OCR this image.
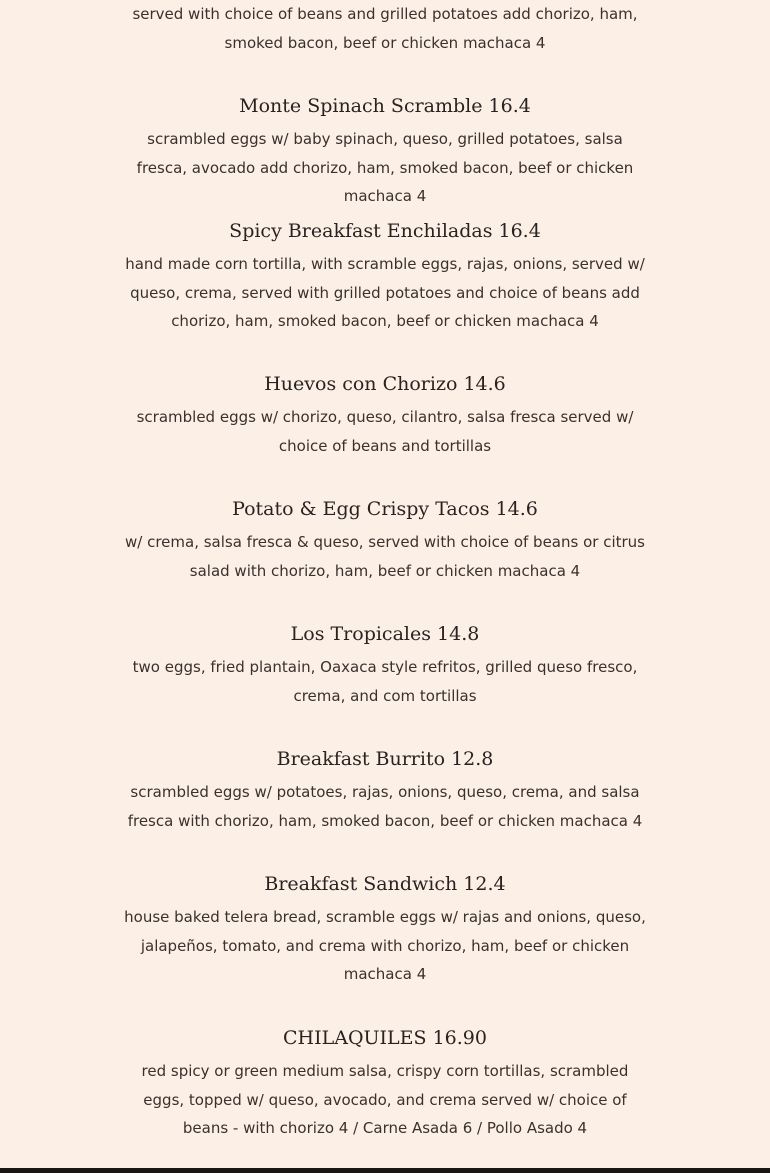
served with choice of beans and grilled potatoes add chorizo, ham, smoked bacon, beef or chicken machaca 4
Monte Spinach Scramble 16.4
scrambled eggs w/ baby spinach, queso, grilled potatoes, salsa fresca, avocado add chorizo, ham, smoked bacon, beef or chicken machaca 4
Spicy Breakfast Enchiladas 16.4
hand made corn tortilla, with scramble eggs, rajas, onions, served w/ queso, crema, served with grilled potatoes and choice of beans add chorizo, ham, smoked bacon, beef or chicken machaca 4
Huevos con Chorizo 14.6
scrambled eggs w/ chorizo, queso, cilantro, salsa fresca served w/ choice of beans and tortillas
Potato & Egg Crispy Tacos 14.6
w/ crema, salsa fresca & queso, served with choice of beans or citrus salad with chorizo, ham, beef or chicken machaca 4
Los Tropicales 14.8
two eggs, fried plantain, Oaxaca style refritos, grilled queso fresco, crema, and com tortillas
Breakfast Burrito 12.8
scrambled eggs w/ potatoes, rajas, onions, queso, crema, and salsa fresca with chorizo, ham, smoked bacon, beef or chicken machaca 4
Breakfast Sandwich 12.4
house baked telera bread, scramble eggs w/ rajas and onions, queso, jalapeños, tomato, and crema with chorizo, ham, beef or chicken machaca 4
CHILAQUILES 16.90
red spicy or green medium salsa, crispy corn tortillas, scrambled eggs, topped w/ queso, avocado, and crema served w/ choice of beans - with chorizo 4 / Carne Asada 6 / Pollo Asado 4
